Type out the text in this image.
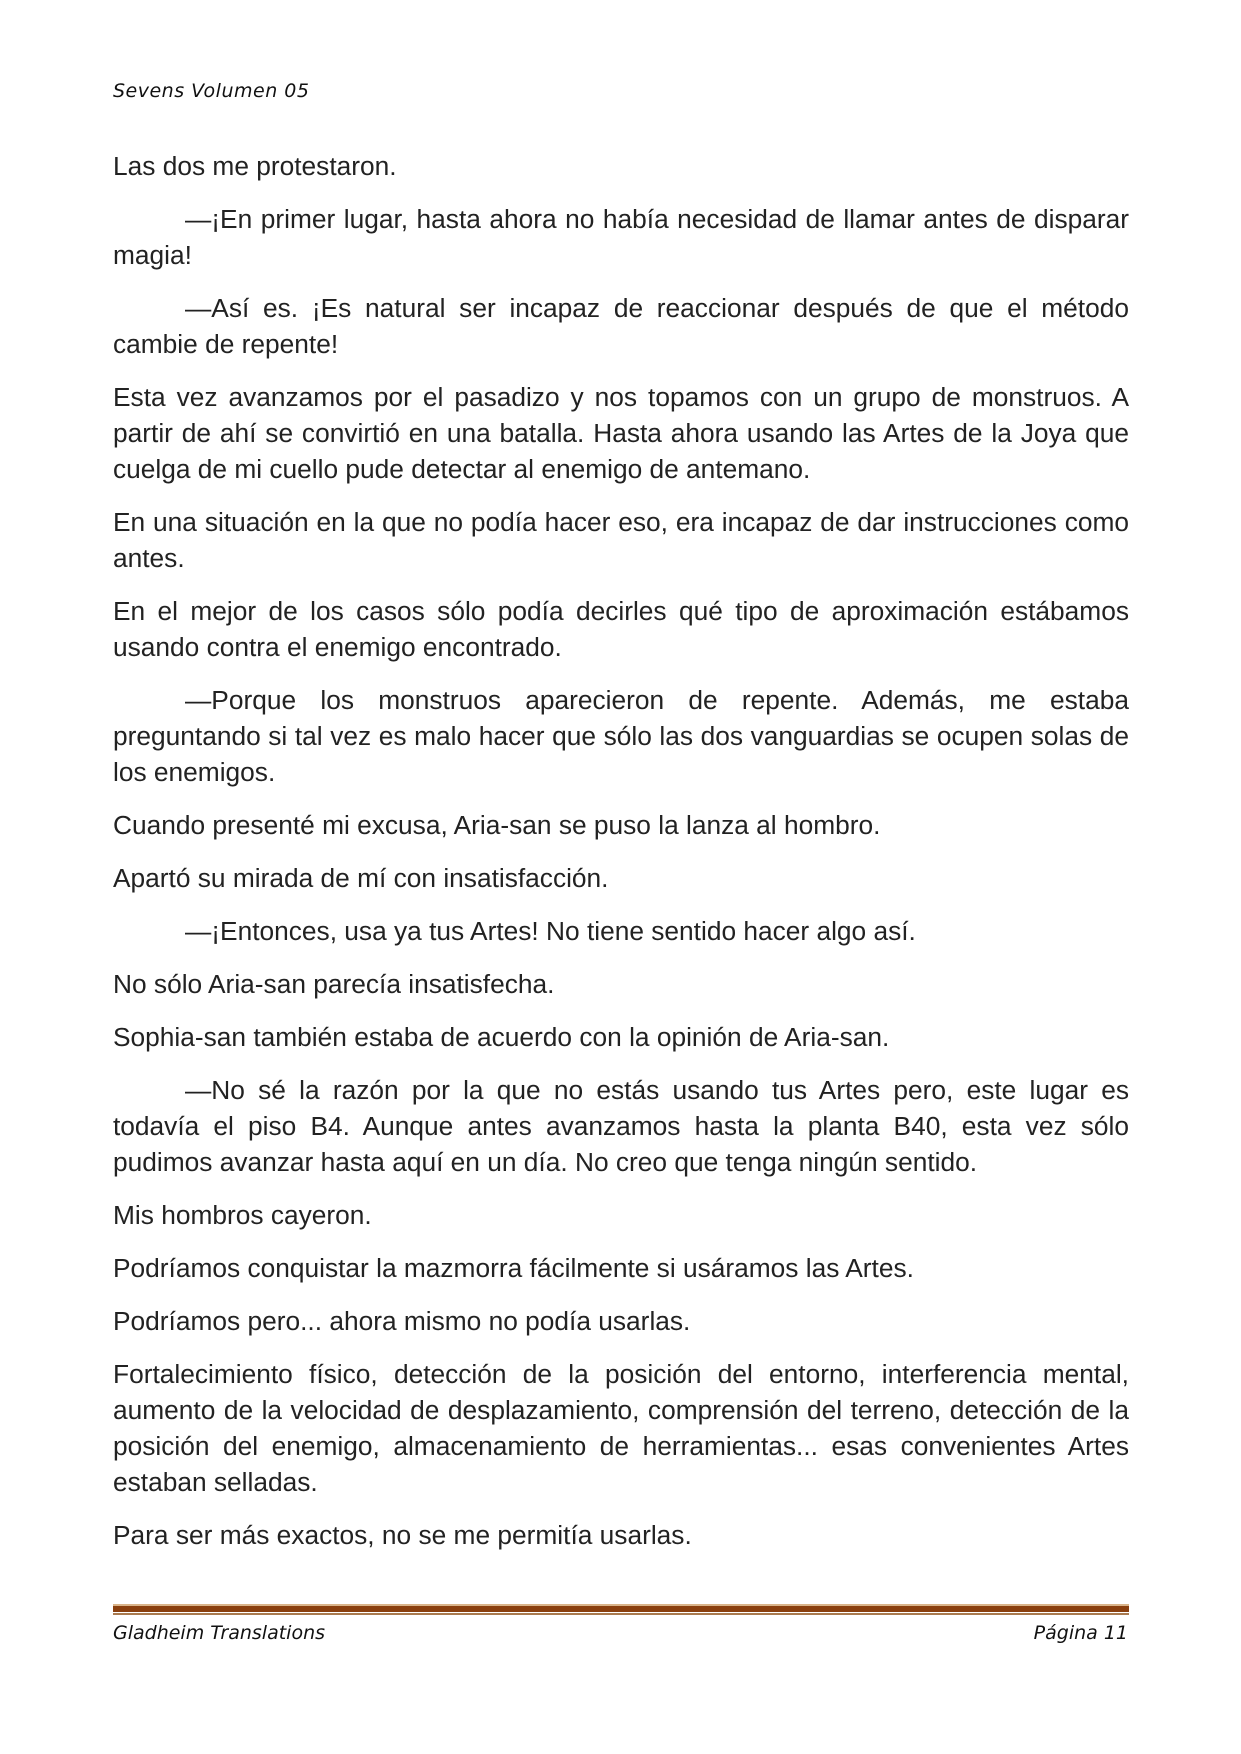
Sevens Volumen 05

Las dos me protestaron.

—¡En primer lugar, hasta ahora no había necesidad de llamar antes de disparar magia!

—Así es. ¡Es natural ser incapaz de reaccionar después de que el método cambie de repente!

Esta vez avanzamos por el pasadizo y nos topamos con un grupo de monstruos. A partir de ahí se convirtió en una batalla. Hasta ahora usando las Artes de la Joya que cuelga de mi cuello pude detectar al enemigo de antemano.

En una situación en la que no podía hacer eso, era incapaz de dar instrucciones como antes.

En el mejor de los casos sólo podía decirles qué tipo de aproximación estábamos usando contra el enemigo encontrado.

—Porque los monstruos aparecieron de repente. Además, me estaba preguntando si tal vez es malo hacer que sólo las dos vanguardias se ocupen solas de los enemigos.

Cuando presenté mi excusa, Aria-san se puso la lanza al hombro.

Apartó su mirada de mí con insatisfacción.

—¡Entonces, usa ya tus Artes! No tiene sentido hacer algo así.

No sólo Aria-san parecía insatisfecha.

Sophia-san también estaba de acuerdo con la opinión de Aria-san.

—No sé la razón por la que no estás usando tus Artes pero, este lugar es todavía el piso B4. Aunque antes avanzamos hasta la planta B40, esta vez sólo pudimos avanzar hasta aquí en un día. No creo que tenga ningún sentido.

Mis hombros cayeron.

Podríamos conquistar la mazmorra fácilmente si usáramos las Artes.

Podríamos pero... ahora mismo no podía usarlas.

Fortalecimiento físico, detección de la posición del entorno, interferencia mental, aumento de la velocidad de desplazamiento, comprensión del terreno, detección de la posición del enemigo, almacenamiento de herramientas... esas convenientes Artes estaban selladas.

Para ser más exactos, no se me permitía usarlas.

Gladheim Translations	Página 11
